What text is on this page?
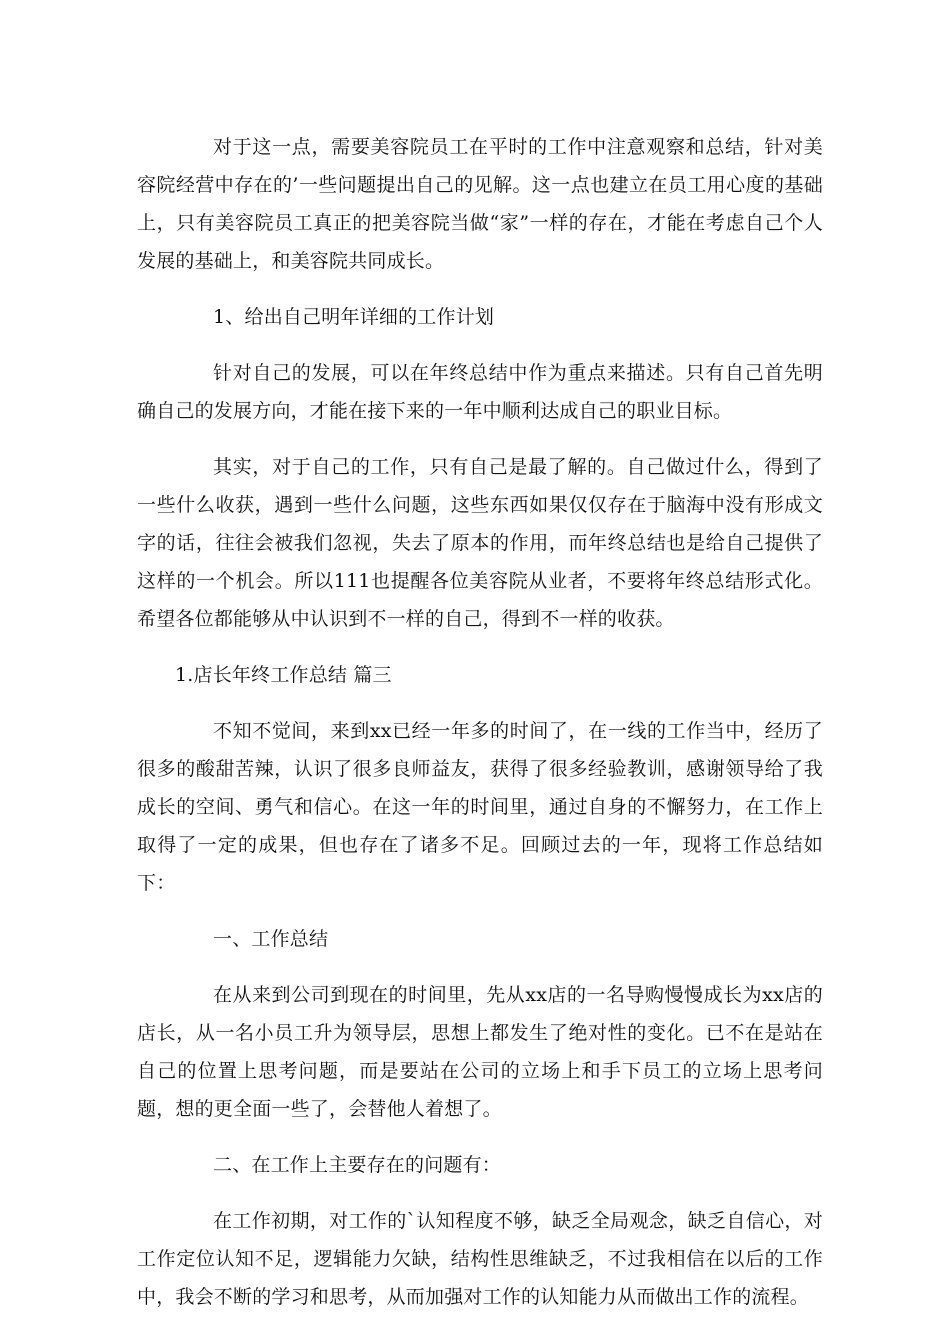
对于这一点，需要美容院员工在平时的工作中注意观察和总结，针对美容院经营中存在的’一些问题提出自己的见解。这一点也建立在员工用心度的基础上，只有美容院员工真正的把美容院当做“家”一样的存在，才能在考虑自己个人发展的基础上，和美容院共同成长。

1、给出自己明年详细的工作计划

针对自己的发展，可以在年终总结中作为重点来描述。只有自己首先明确自己的发展方向，才能在接下来的一年中顺利达成自己的职业目标。

其实，对于自己的工作，只有自己是最了解的。自己做过什么，得到了一些什么收获，遇到一些什么问题，这些东西如果仅仅存在于脑海中没有形成文字的话，往往会被我们忽视，失去了原本的作用，而年终总结也是给自己提供了这样的一个机会。所以111也提醒各位美容院从业者，不要将年终总结形式化。希望各位都能够从中认识到不一样的自己，得到不一样的收获。

1.店长年终工作总结 篇三

不知不觉间，来到xx已经一年多的时间了，在一线的工作当中，经历了很多的酸甜苦辣，认识了很多良师益友，获得了很多经验教训，感谢领导给了我成长的空间、勇气和信心。在这一年的时间里，通过自身的不懈努力，在工作上取得了一定的成果，但也存在了诸多不足。回顾过去的一年，现将工作总结如下：

一、工作总结

在从来到公司到现在的时间里，先从xx店的一名导购慢慢成长为xx店的店长，从一名小员工升为领导层，思想上都发生了绝对性的变化。已不在是站在自己的位置上思考问题，而是要站在公司的立场上和手下员工的立场上思考问题，想的更全面一些了，会替他人着想了。

二、在工作上主要存在的问题有：

在工作初期，对工作的`认知程度不够，缺乏全局观念，缺乏自信心，对工作定位认知不足，逻辑能力欠缺，结构性思维缺乏，不过我相信在以后的工作中，我会不断的学习和思考，从而加强对工作的认知能力从而做出工作的流程。
